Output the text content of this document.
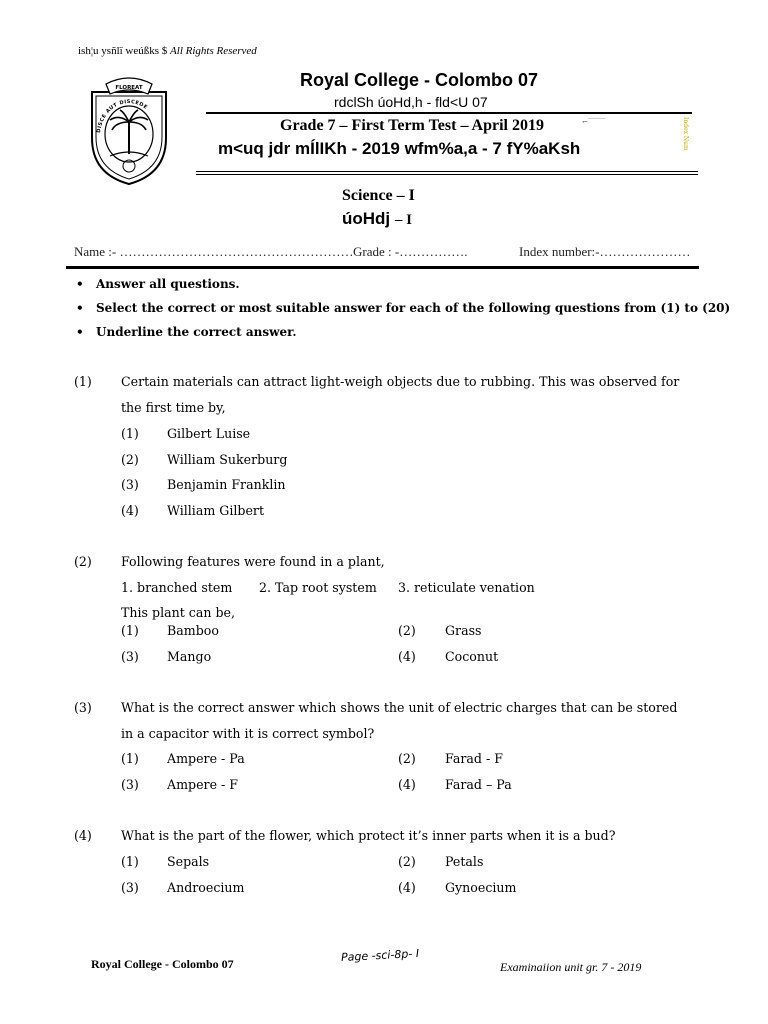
ish¦u ysñlï weúßks $ All Rights Reserved
FLOREAT
DISCE AUT DISCEDE
Royal College - Colombo 07
rdclSh úoHd,h - fld<U 07
Grade 7 – First Term Test – April 2019	⌐‾‾‾‾‾	Index Num
m<uq jdr mÍlIKh - 2019 wfm%a,a - 7 fY%aKsh
Science – I
úoHdj – I
Name :- ……………………………………………… Grade : -…………….	Index number:-…………………
• Answer all questions.
• Select the correct or most suitable answer for each of the following questions from (1) to (20)
• Underline the correct answer.
(1) Certain materials can attract light-weigh objects due to rubbing. This was observed for
the first time by,
(1) Gilbert Luise
(2) William Sukerburg
(3) Benjamin Franklin
(4) William Gilbert
(2) Following features were found in a plant,
1. branched stem 2. Tap root system 3. reticulate venation
This plant can be,
(1) Bamboo	(2) Grass
(3) Mango	(4) Coconut
(3) What is the correct answer which shows the unit of electric charges that can be stored
in a capacitor with it is correct symbol?
(1) Ampere - Pa	(2) Farad - F
(3) Ampere - F	(4) Farad – Pa
(4) What is the part of the flower, which protect it’s inner parts when it is a bud?
(1) Sepals	(2) Petals
(3) Androecium	(4) Gynoecium
Royal College - Colombo 07	Page -sci-8p- I
Examinaiion unit gr. 7 - 2019
